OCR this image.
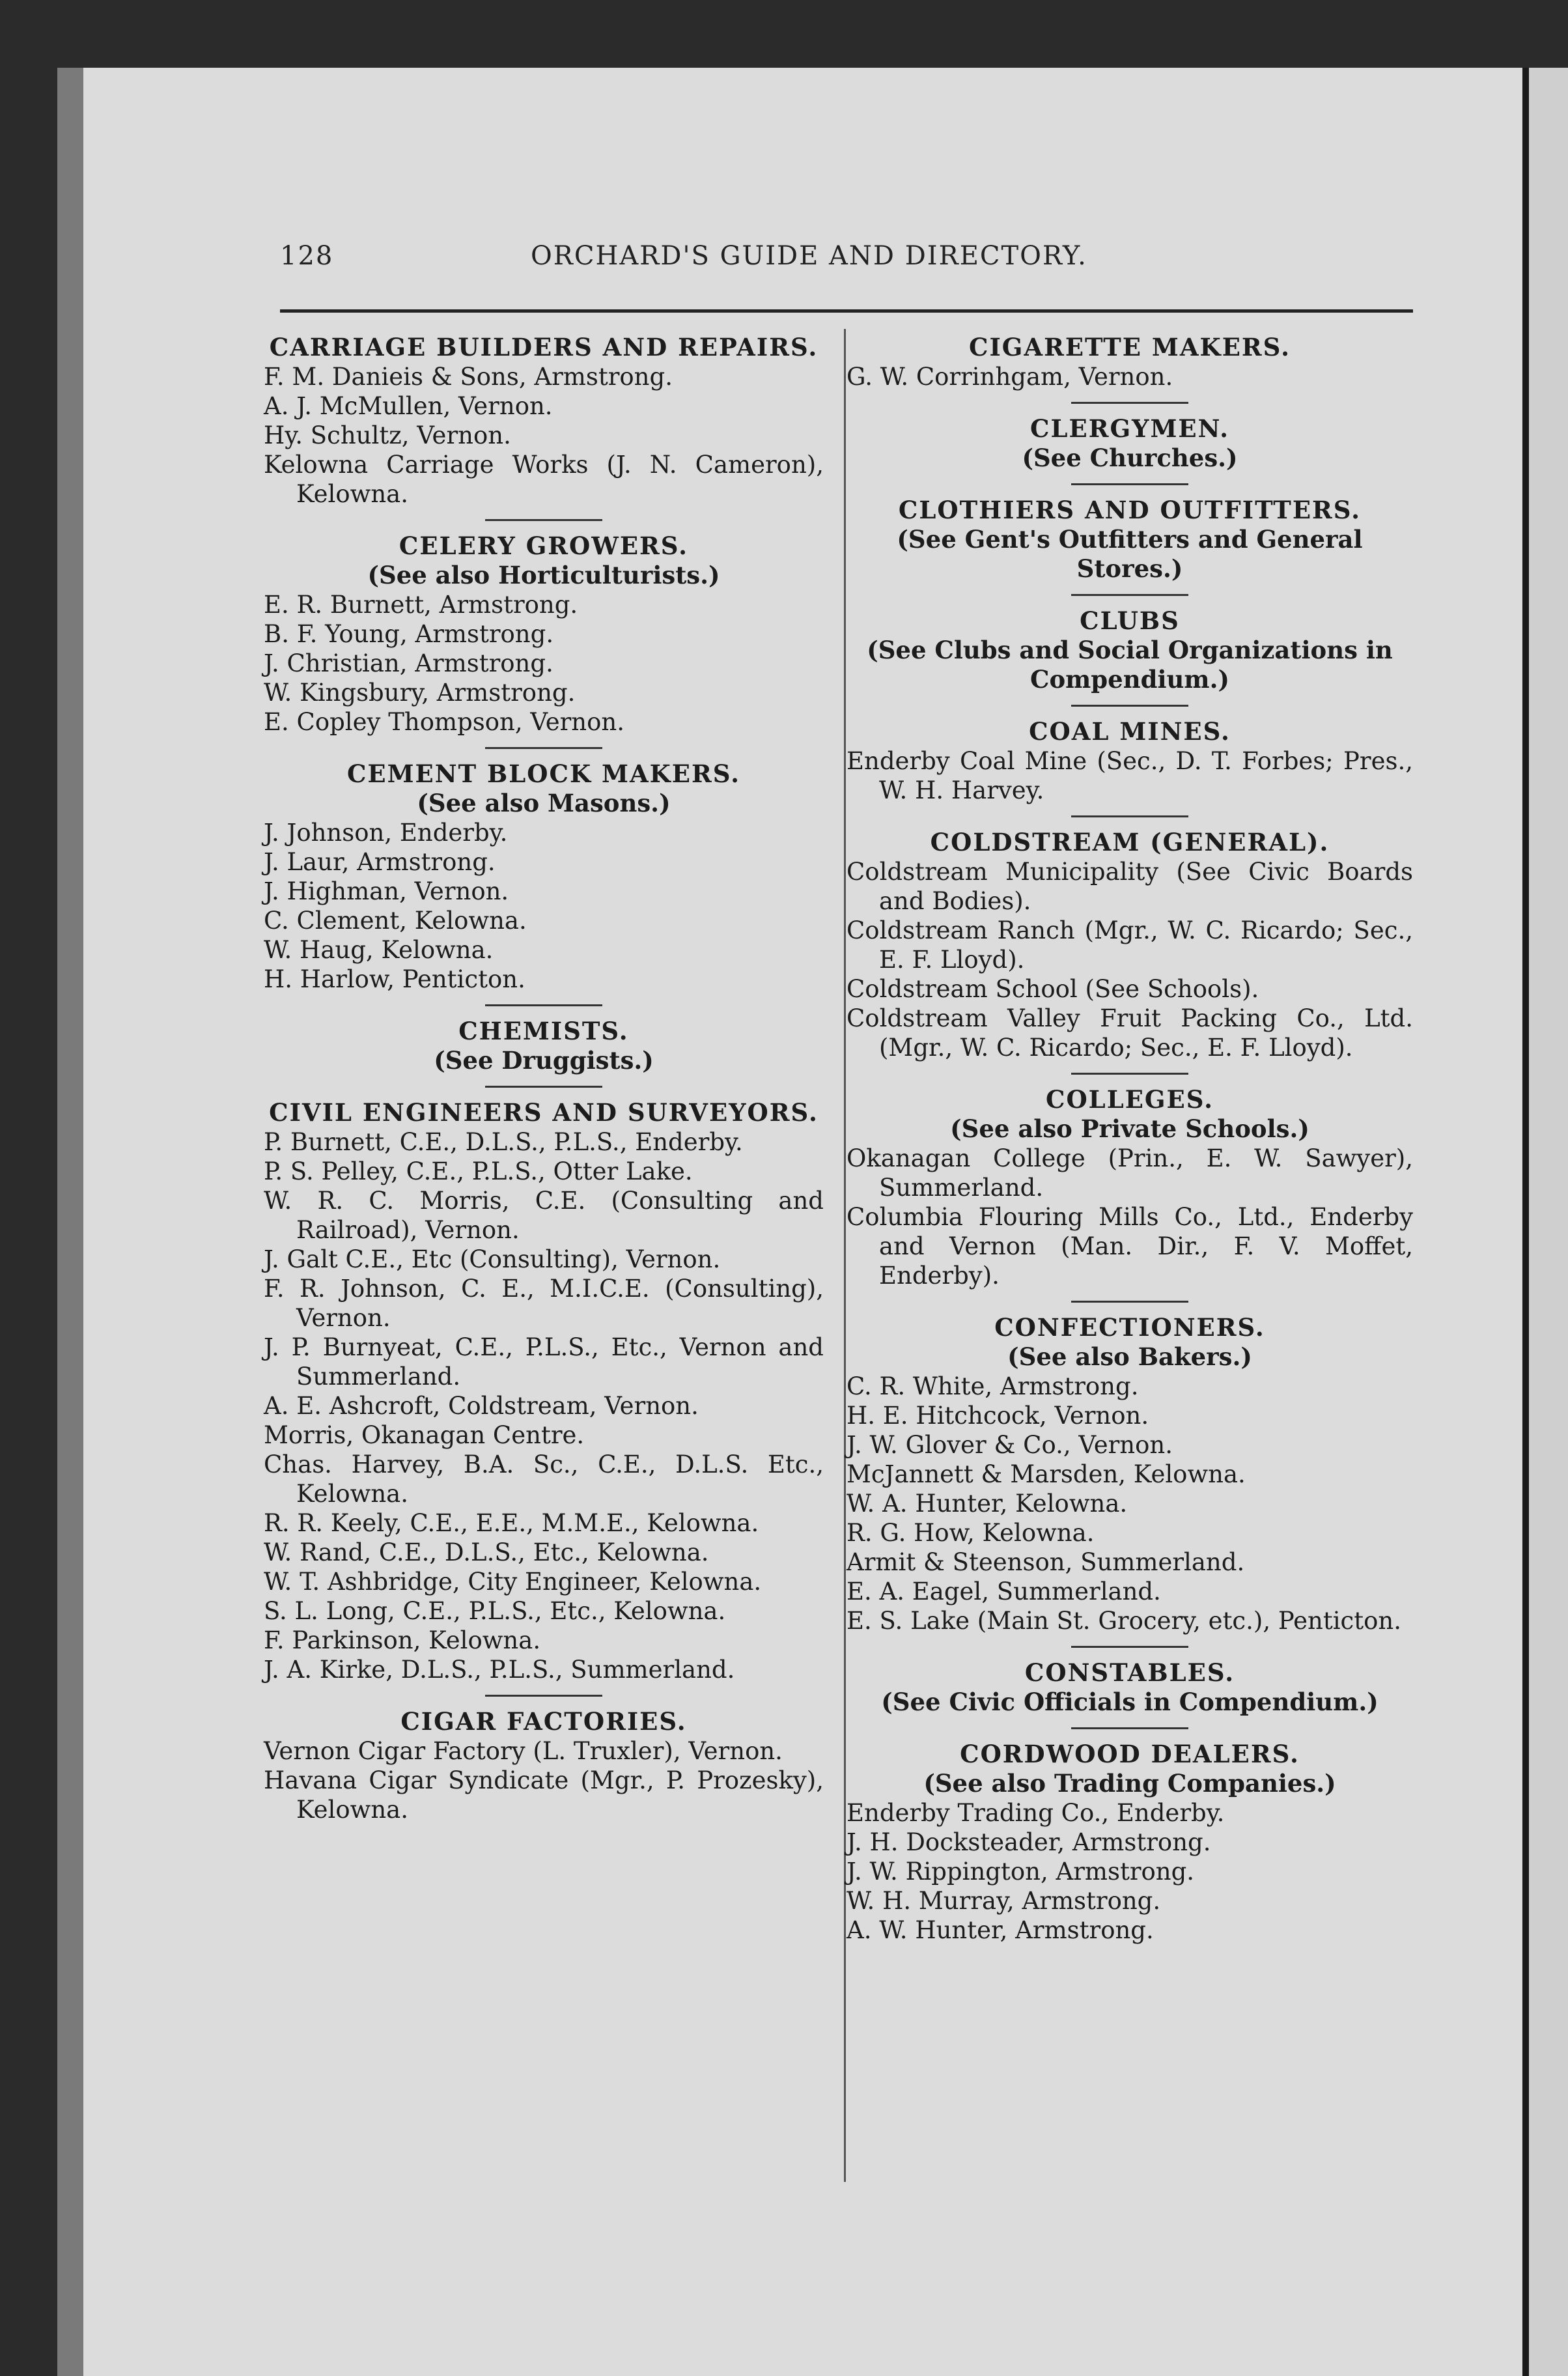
128	ORCHARD'S GUIDE AND DIRECTORY.

CARRIAGE BUILDERS AND REPAIRS.

F. M. Danieis & Sons, Armstrong.

A. J. McMullen, Vernon.

Hy. Schultz, Vernon.

Kelowna Carriage Works (J. N. Cameron), Kelowna.

CELERY GROWERS.

(See also Horticulturists.)

E. R. Burnett, Armstrong.

B. F. Young, Armstrong.

J. Christian, Armstrong.

W. Kingsbury, Armstrong.

E. Copley Thompson, Vernon.

CEMENT BLOCK MAKERS.

(See also Masons.)

J. Johnson, Enderby.

J. Laur, Armstrong.

J. Highman, Vernon.

C. Clement, Kelowna.

W. Haug, Kelowna.

H. Harlow, Penticton.

CHEMISTS.

(See Druggists.)

CIVIL ENGINEERS AND SURVEYORS.

P. Burnett, C.E., D.L.S., P.L.S., Enderby.

P. S. Pelley, C.E., P.L.S., Otter Lake.

W. R. C. Morris, C.E. (Consulting and Railroad), Vernon.

J. Galt C.E., Etc (Consulting), Vernon.

F. R. Johnson, C. E., M.I.C.E. (Consulting), Vernon.

J. P. Burnyeat, C.E., P.L.S., Etc., Vernon and Summerland.

A. E. Ashcroft, Coldstream, Vernon.

Morris, Okanagan Centre.

Chas. Harvey, B.A. Sc., C.E., D.L.S. Etc., Kelowna.

R. R. Keely, C.E., E.E., M.M.E., Kelowna.

W. Rand, C.E., D.L.S., Etc., Kelowna.

W. T. Ashbridge, City Engineer, Kelowna.

S. L. Long, C.E., P.L.S., Etc., Kelowna.

F. Parkinson, Kelowna.

J. A. Kirke, D.L.S., P.L.S., Summerland.

CIGAR FACTORIES.

Vernon Cigar Factory (L. Truxler), Vernon.

Havana Cigar Syndicate (Mgr., P. Prozesky), Kelowna.

CIGARETTE MAKERS.

G. W. Corrinhgam, Vernon.

CLERGYMEN.

(See Churches.)

CLOTHIERS AND OUTFITTERS.

(See Gent's Outfitters and General Stores.)

CLUBS

(See Clubs and Social Organizations in Compendium.)

COAL MINES.

Enderby Coal Mine (Sec., D. T. Forbes; Pres., W. H. Harvey.

COLDSTREAM (GENERAL).

Coldstream Municipality (See Civic Boards and Bodies).

Coldstream Ranch (Mgr., W. C. Ricardo; Sec., E. F. Lloyd).

Coldstream School (See Schools).

Coldstream Valley Fruit Packing Co., Ltd. (Mgr., W. C. Ricardo; Sec., E. F. Lloyd).

COLLEGES.

(See also Private Schools.)

Okanagan College (Prin., E. W. Sawyer), Summerland.

Columbia Flouring Mills Co., Ltd., Enderby and Vernon (Man. Dir., F. V. Moffet, Enderby).

CONFECTIONERS.

(See also Bakers.)

C. R. White, Armstrong.

H. E. Hitchcock, Vernon.

J. W. Glover & Co., Vernon.

McJannett & Marsden, Kelowna.

W. A. Hunter, Kelowna.

R. G. How, Kelowna.

Armit & Steenson, Summerland.

E. A. Eagel, Summerland.

E. S. Lake (Main St. Grocery, etc.), Penticton.

CONSTABLES.

(See Civic Officials in Compendium.)

CORDWOOD DEALERS.

(See also Trading Companies.)

Enderby Trading Co., Enderby.

J. H. Docksteader, Armstrong.

J. W. Rippington, Armstrong.

W. H. Murray, Armstrong.

A. W. Hunter, Armstrong.
